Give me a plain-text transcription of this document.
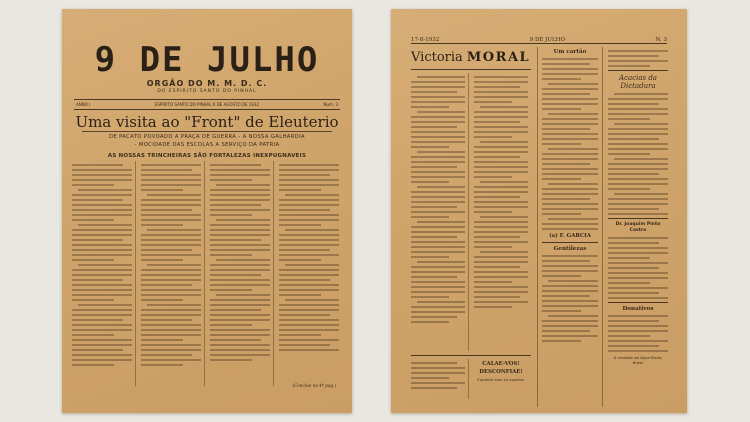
9 DE JULHO
ORGÃO DO M. M. D. C.
DO ESPIRITO SANTO DO PINHAL
ANNO I	ESPIRITO SANTO DO PINHAL 6 DE AGOSTO DE 1932	Num. 3
Uma visita ao "Front" de Eleuterio
DE PACATO POVOADO A PRAÇA DE GUERRA - A NOSSA GALHARDIA
- MOCIDADE DAS ESCOLAS A SERVIÇO DA PATRIA
AS NOSSAS TRINCHEIRAS SÃO FORTALEZAS INEXPUGNAVEIS
(Conclue na 4ª pag.)
17-8-1932	9 DE JULHO	N. 3
Victoria MORAL
CALAE-VOS!
DESCONFIAE!
Cautelar com os espiões.
Um cartão
(a) F. GARCIA
Gentilezas
Acacias da Dictadura
Dr. Joaquim Pinto Castro
Donativos
A verdade da Agua Bruta, Brasil
